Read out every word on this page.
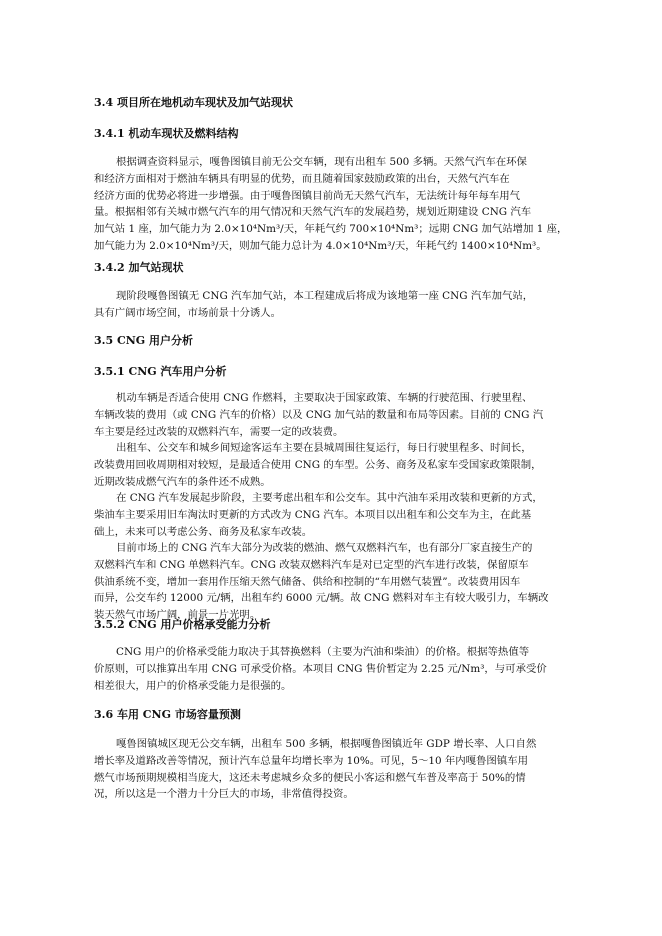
3.4 项目所在地机动车现状及加气站现状
3.4.1 机动车现状及燃料结构
根据调查资料显示，嘎鲁图镇目前无公交车辆，现有出租车 500 多辆。天然气汽车在环保
和经济方面相对于燃油车辆具有明显的优势，而且随着国家鼓励政策的出台，天然气汽车在
经济方面的优势必将进一步增强。由于嘎鲁图镇目前尚无天然气汽车，无法统计每年每车用气
量。根据相邻有关城市燃气汽车的用气情况和天然气汽车的发展趋势，规划近期建设 CNG 汽车
加气站 1 座，加气能力为 2.0×10⁴Nm³/天，年耗气约 700×10⁴Nm³；远期 CNG 加气站增加 1 座，
加气能力为 2.0×10⁴Nm³/天，则加气能力总计为 4.0×10⁴Nm³/天，年耗气约 1400×10⁴Nm³。
3.4.2 加气站现状
现阶段嘎鲁图镇无 CNG 汽车加气站，本工程建成后将成为该地第一座 CNG 汽车加气站，
具有广阔市场空间，市场前景十分诱人。
3.5 CNG 用户分析
3.5.1 CNG 汽车用户分析
机动车辆是否适合使用 CNG 作燃料，主要取决于国家政策、车辆的行驶范围、行驶里程、
车辆改装的费用（或 CNG 汽车的价格）以及 CNG 加气站的数量和布局等因素。目前的 CNG 汽
车主要是经过改装的双燃料汽车，需要一定的改装费。
出租车、公交车和城乡间短途客运车主要在县城周围往复运行，每日行驶里程多、时间长，
改装费用回收周期相对较短，是最适合使用 CNG 的车型。公务、商务及私家车受国家政策限制，
近期改装成燃气汽车的条件还不成熟。
在 CNG 汽车发展起步阶段，主要考虑出租车和公交车。其中汽油车采用改装和更新的方式，
柴油车主要采用旧车淘汰时更新的方式改为 CNG 汽车。本项目以出租车和公交车为主，在此基
础上，未来可以考虑公务、商务及私家车改装。
目前市场上的 CNG 汽车大部分为改装的燃油、燃气双燃料汽车，也有部分厂家直接生产的
双燃料汽车和 CNG 单燃料汽车。CNG 改装双燃料汽车是对已定型的汽车进行改装，保留原车
供油系统不变，增加一套用作压缩天然气储备、供给和控制的“车用燃气装置”。改装费用因车
而异，公交车约 12000 元/辆，出租车约 6000 元/辆。故 CNG 燃料对车主有较大吸引力，车辆改
装天然气市场广阔，前景一片光明。
3.5.2 CNG 用户价格承受能力分析
CNG 用户的价格承受能力取决于其替换燃料（主要为汽油和柴油）的价格。根据等热值等
价原则，可以推算出车用 CNG 可承受价格。本项目 CNG 售价暂定为 2.25 元/Nm³，与可承受价
相差很大，用户的价格承受能力是很强的。
3.6 车用 CNG 市场容量预测
嘎鲁图镇城区现无公交车辆，出租车 500 多辆，根据嘎鲁图镇近年 GDP 增长率、人口自然
增长率及道路改善等情况，预计汽车总量年均增长率为 10%。可见，5～10 年内嘎鲁图镇车用
燃气市场预期规模相当庞大，这还未考虑城乡众多的便民小客运和燃气车普及率高于 50%的情
况，所以这是一个潜力十分巨大的市场，非常值得投资。
